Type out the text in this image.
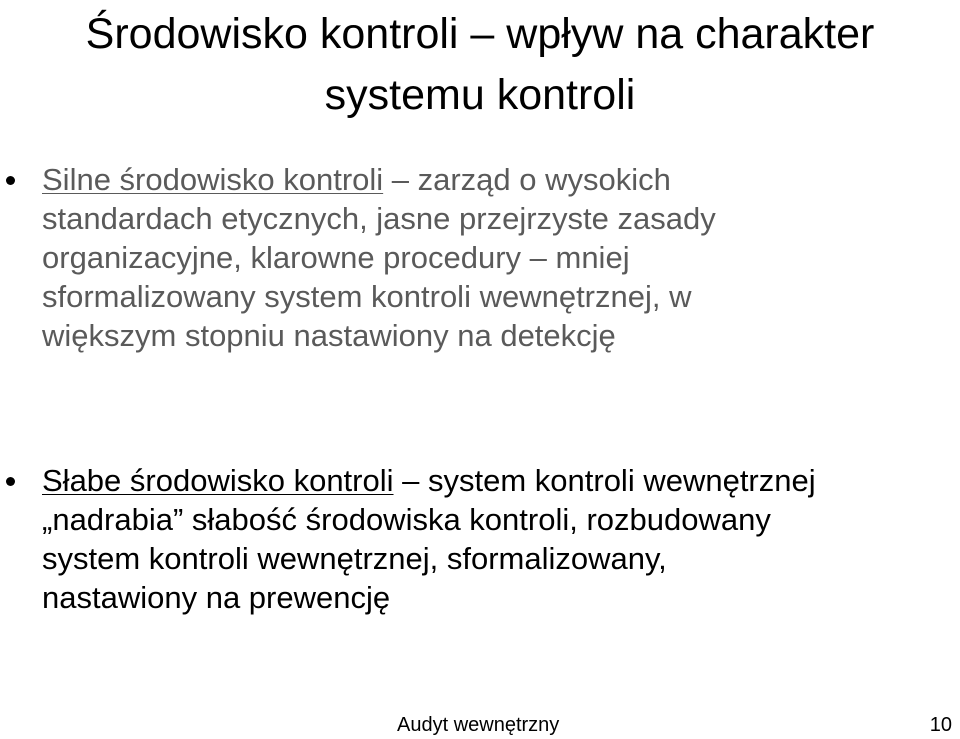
Środowisko kontroli – wpływ na charakter
systemu kontroli
Silne środowisko kontroli – zarząd o wysokich
standardach etycznych, jasne przejrzyste zasady
organizacyjne, klarowne procedury – mniej
sformalizowany system kontroli wewnętrznej, w
większym stopniu nastawiony na detekcję
Słabe środowisko kontroli – system kontroli wewnętrznej
„nadrabia” słabość środowiska kontroli, rozbudowany
system kontroli wewnętrznej, sformalizowany,
nastawiony na prewencję
Audyt wewnętrzny	10
